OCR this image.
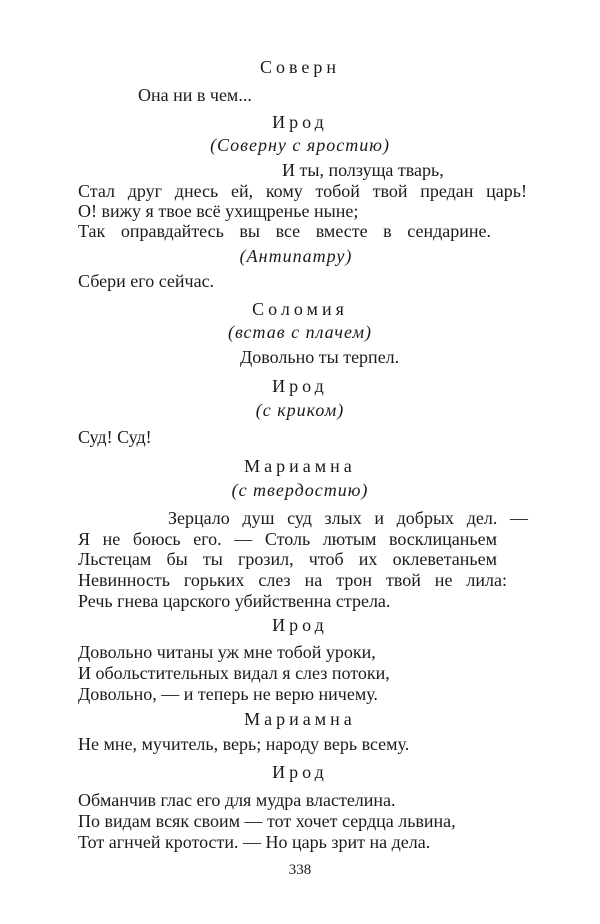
Соверн
Она ни в чем...
Ирод
(Соверну с яростию)
И ты, ползуща тварь,
Стал друг днесь ей, кому тобой твой предан царь!
О! вижу я твое всё ухищренье ныне;
Так оправдайтесь вы все вместе в сендарине.
(Антипатру)
Сбери его сейчас.
Соломия
(встав с плачем)
Довольно ты терпел.
Ирод
(с криком)
Суд! Суд!
Мариамна
(с твердостию)
Зерцало душ суд злых и добрых дел. —
Я не боюсь его. — Столь лютым восклицаньем
Льстецам бы ты грозил, чтоб их оклеветаньем
Невинность горьких слез на трон твой не лила:
Речь гнева царского убийственна стрела.
Ирод
Довольно читаны уж мне тобой уроки,
И обольстительных видал я слез потоки,
Довольно, — и теперь не верю ничему.
Мариамна
Не мне, мучитель, верь; народу верь всему.
Ирод
Обманчив глас его для мудра властелина.
По видам всяк своим — тот хочет сердца львина,
Тот агнчей кротости. — Но царь зрит на дела.
338
